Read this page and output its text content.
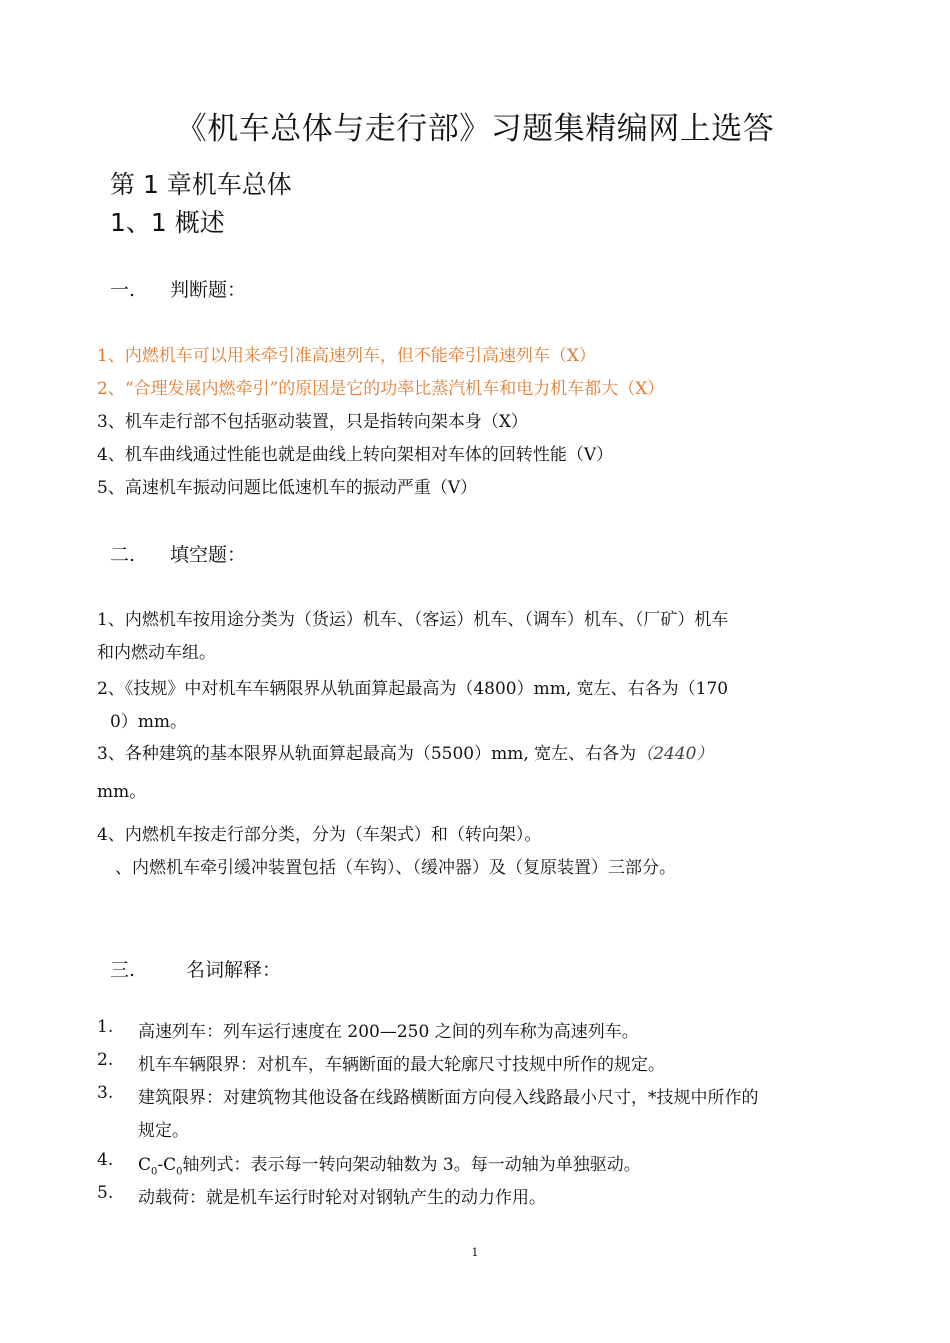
《机车总体与走行部》习题集精编网上选答
第 1 章机车总体
1、1 概述
一. 判断题：
1、内燃机车可以用来牵引准高速列车，但不能牵引高速列车（X）
2、“合理发展内燃牵引”的原因是它的功率比蒸汽机车和电力机车都大（X）
3、机车走行部不包括驱动装置，只是指转向架本身（X）
4、机车曲线通过性能也就是曲线上转向架相对车体的回转性能（V）
5、高速机车振动问题比低速机车的振动严重（V）
二. 填空题：
1、内燃机车按用途分类为（货运）机车、（客运）机车、（调车）机车、（厂矿）机车
和内燃动车组。
2、《技规》中对机车车辆限界从轨面算起最高为（4800）mm, 宽左、右各为（170
0）mm。
3、各种建筑的基本限界从轨面算起最高为（5500）mm, 宽左、右各为（2440）
mm。
4、内燃机车按走行部分类，分为（车架式）和（转向架）。
、内燃机车牵引缓冲装置包括（车钩）、（缓冲器）及（复原装置）三部分。
三.	名词解释：
1. 高速列车：列车运行速度在 200—250 之间的列车称为高速列车。
2. 机车车辆限界：对机车，车辆断面的最大轮廓尺寸技规中所作的规定。
3. 建筑限界：对建筑物其他设备在线路横断面方向侵入线路最小尺寸，*技规中所作的
规定。
4. $C_0-C_0$轴列式：表示每一转向架动轴数为 3。每一动轴为单独驱动。
5. 动载荷：就是机车运行时轮对对钢轨产生的动力作用。
1
